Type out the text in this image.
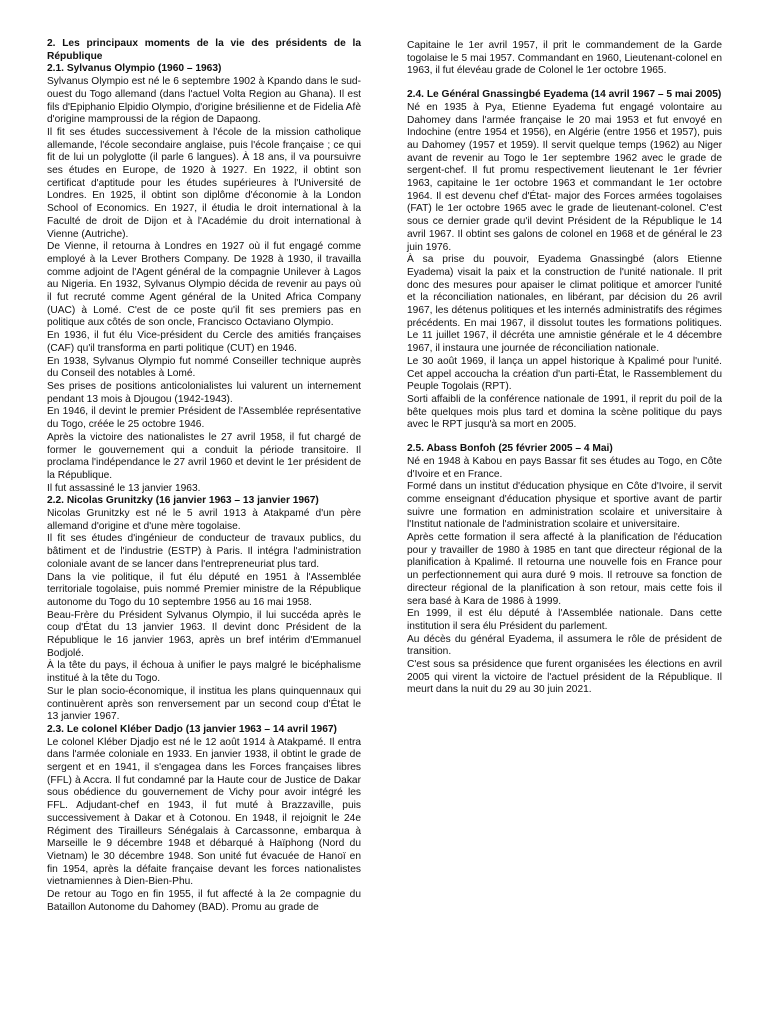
2. Les principaux moments de la vie des présidents de la République

2.1. Sylvanus Olympio (1960 – 1963)

Sylvanus Olympio est né le 6 septembre 1902 à Kpando dans le sud-ouest du Togo allemand (dans l'actuel Volta Region au Ghana). Il est fils d'Epiphanio Elpidio Olympio, d'origine brésilienne et de Fidelia Afè d'origine mamproussi de la région de Dapaong.

Il fit ses études successivement à l'école de la mission catholique allemande, l'école secondaire anglaise, puis l'école française ; ce qui fit de lui un polyglotte (il parle 6 langues). À 18 ans, il va poursuivre ses études en Europe, de 1920 à 1927. En 1922, il obtint son certificat d'aptitude pour les études supérieures à l'Université de Londres. En 1925, il obtint son diplôme d'économie à la London School of Economics. En 1927, il étudia le droit international à la Faculté de droit de Dijon et à l'Académie du droit international à Vienne (Autriche).

De Vienne, il retourna à Londres en 1927 où il fut engagé comme employé à la Lever Brothers Company. De 1928 à 1930, il travailla comme adjoint de l'Agent général de la compagnie Unilever à Lagos au Nigeria. En 1932, Sylvanus Olympio décida de revenir au pays où il fut recruté comme Agent général de la United Africa Company (UAC) à Lomé. C'est de ce poste qu'il fit ses premiers pas en politique aux côtés de son oncle, Francisco Octaviano Olympio.

En 1936, il fut élu Vice-président du Cercle des amitiés françaises (CAF) qu'il transforma en parti politique (CUT) en 1946.

En 1938, Sylvanus Olympio fut nommé Conseiller technique auprès du Conseil des notables à Lomé.

Ses prises de positions anticolonialistes lui valurent un internement pendant 13 mois à Djougou (1942-1943).

En 1946, il devint le premier Président de l'Assemblée représentative du Togo, créée le 25 octobre 1946.

Après la victoire des nationalistes le 27 avril 1958, il fut chargé de former le gouvernement qui a conduit la période transitoire. Il proclama l'indépendance le 27 avril 1960 et devint le 1er président de la République.

Il fut assassiné le 13 janvier 1963.

2.2. Nicolas Grunitzky (16 janvier 1963 – 13 janvier 1967)

Nicolas Grunitzky est né le 5 avril 1913 à Atakpamé d'un père allemand d'origine et d'une mère togolaise.

Il fit ses études d'ingénieur de conducteur de travaux publics, du bâtiment et de l'industrie (ESTP) à Paris. Il intégra l'administration coloniale avant de se lancer dans l'entrepreneuriat plus tard.

Dans la vie politique, il fut élu député en 1951 à l'Assemblée territoriale togolaise, puis nommé Premier ministre de la République autonome du Togo du 10 septembre 1956 au 16 mai 1958.

Beau-Frère du Président Sylvanus Olympio, il lui succéda après le coup d'État du 13 janvier 1963. Il devint donc Président de la République le 16 janvier 1963, après un bref intérim d'Emmanuel Bodjolé.

À la tête du pays, il échoua à unifier le pays malgré le bicéphalisme institué à la tête du Togo.

Sur le plan socio-économique, il institua les plans quinquennaux qui continuèrent après son renversement par un second coup d'État le 13 janvier 1967.

2.3. Le colonel Kléber Dadjo (13 janvier 1963 – 14 avril 1967)

Le colonel Kléber Djadjo est né le 12 août 1914 à Atakpamé. Il entra dans l'armée coloniale en 1933. En janvier 1938, il obtint le grade de sergent et en 1941, il s'engagea dans les Forces françaises libres (FFL) à Accra. Il fut condamné par la Haute cour de Justice de Dakar sous obédience du gouvernement de Vichy pour avoir intégré les FFL. Adjudant-chef en 1943, il fut muté à Brazzaville, puis successivement à Dakar et à Cotonou. En 1948, il rejoignit le 24e Régiment des Tirailleurs Sénégalais à Carcassonne, embarqua à Marseille le 9 décembre 1948 et débarqué à Haïphong (Nord du Vietnam) le 30 décembre 1948. Son unité fut évacuée de Hanoï en fin 1954, après la défaite française devant les forces nationalistes vietnamiennes à Dien-Bien-Phu.

De retour au Togo en fin 1955, il fut affecté à la 2e compagnie du Bataillon Autonome du Dahomey (BAD). Promu au grade de

Capitaine le 1er avril 1957, il prit le commandement de la Garde togolaise le 5 mai 1957. Commandant en 1960, Lieutenant-colonel en 1963, il fut élevéau grade de Colonel le 1er octobre 1965.

2.4. Le Général Gnassingbé Eyadema (14 avril 1967 – 5 mai 2005)

Né en 1935 à Pya, Etienne Eyadema fut engagé volontaire au Dahomey dans l'armée française le 20 mai 1953 et fut envoyé en Indochine (entre 1954 et 1956), en Algérie (entre 1956 et 1957), puis au Dahomey (1957 et 1959). Il servit quelque temps (1962) au Niger avant de revenir au Togo le 1er septembre 1962 avec le grade de sergent-chef. Il fut promu respectivement lieutenant le 1er février 1963, capitaine le 1er octobre 1963 et commandant le 1er octobre 1964. Il est devenu chef d'État- major des Forces armées togolaises (FAT) le 1er octobre 1965 avec le grade de lieutenant-colonel. C'est sous ce dernier grade qu'il devint Président de la République le 14 avril 1967. Il obtint ses galons de colonel en 1968 et de général le 23 juin 1976.

À sa prise du pouvoir, Eyadema Gnassingbé (alors Etienne Eyadema) visait la paix et la construction de l'unité nationale. Il prit donc des mesures pour apaiser le climat politique et amorcer l'unité et la réconciliation nationales, en libérant, par décision du 26 avril 1967, les détenus politiques et les internés administratifs des régimes précédents. En mai 1967, il dissolut toutes les formations politiques. Le 11 juillet 1967, il décréta une amnistie générale et le 4 décembre 1967, il instaura une journée de réconciliation nationale.

Le 30 août 1969, il lança un appel historique à Kpalimé pour l'unité. Cet appel accoucha la création d'un parti-État, le Rassemblement du Peuple Togolais (RPT).

Sorti affaibli de la conférence nationale de 1991, il reprit du poil de la bête quelques mois plus tard et domina la scène politique du pays avec le RPT jusqu'à sa mort en 2005.

2.5. Abass Bonfoh (25 février 2005 – 4 Mai)

Né en 1948 à Kabou en pays Bassar fit ses études au Togo, en Côte d'Ivoire et en France.

Formé dans un institut d'éducation physique en Côte d'Ivoire, il servit comme enseignant d'éducation physique et sportive avant de partir suivre une formation en administration scolaire et universitaire à l'Institut nationale de l'administration scolaire et universitaire.

Après cette formation il sera affecté à la planification de l'éducation pour y travailler de 1980 à 1985 en tant que directeur régional de la planification à Kpalimé. Il retourna une nouvelle fois en France pour un perfectionnement qui aura duré 9 mois. Il retrouve sa fonction de directeur régional de la planification à son retour, mais cette fois il sera basé à Kara de 1986 à 1999.

En 1999, il est élu député à l'Assemblée nationale. Dans cette institution il sera élu Président du parlement.

Au décès du général Eyadema, il assumera le rôle de président de transition.

C'est sous sa présidence que furent organisées les élections en avril 2005 qui virent la victoire de l'actuel président de la République. Il meurt dans la nuit du 29 au 30 juin 2021.
